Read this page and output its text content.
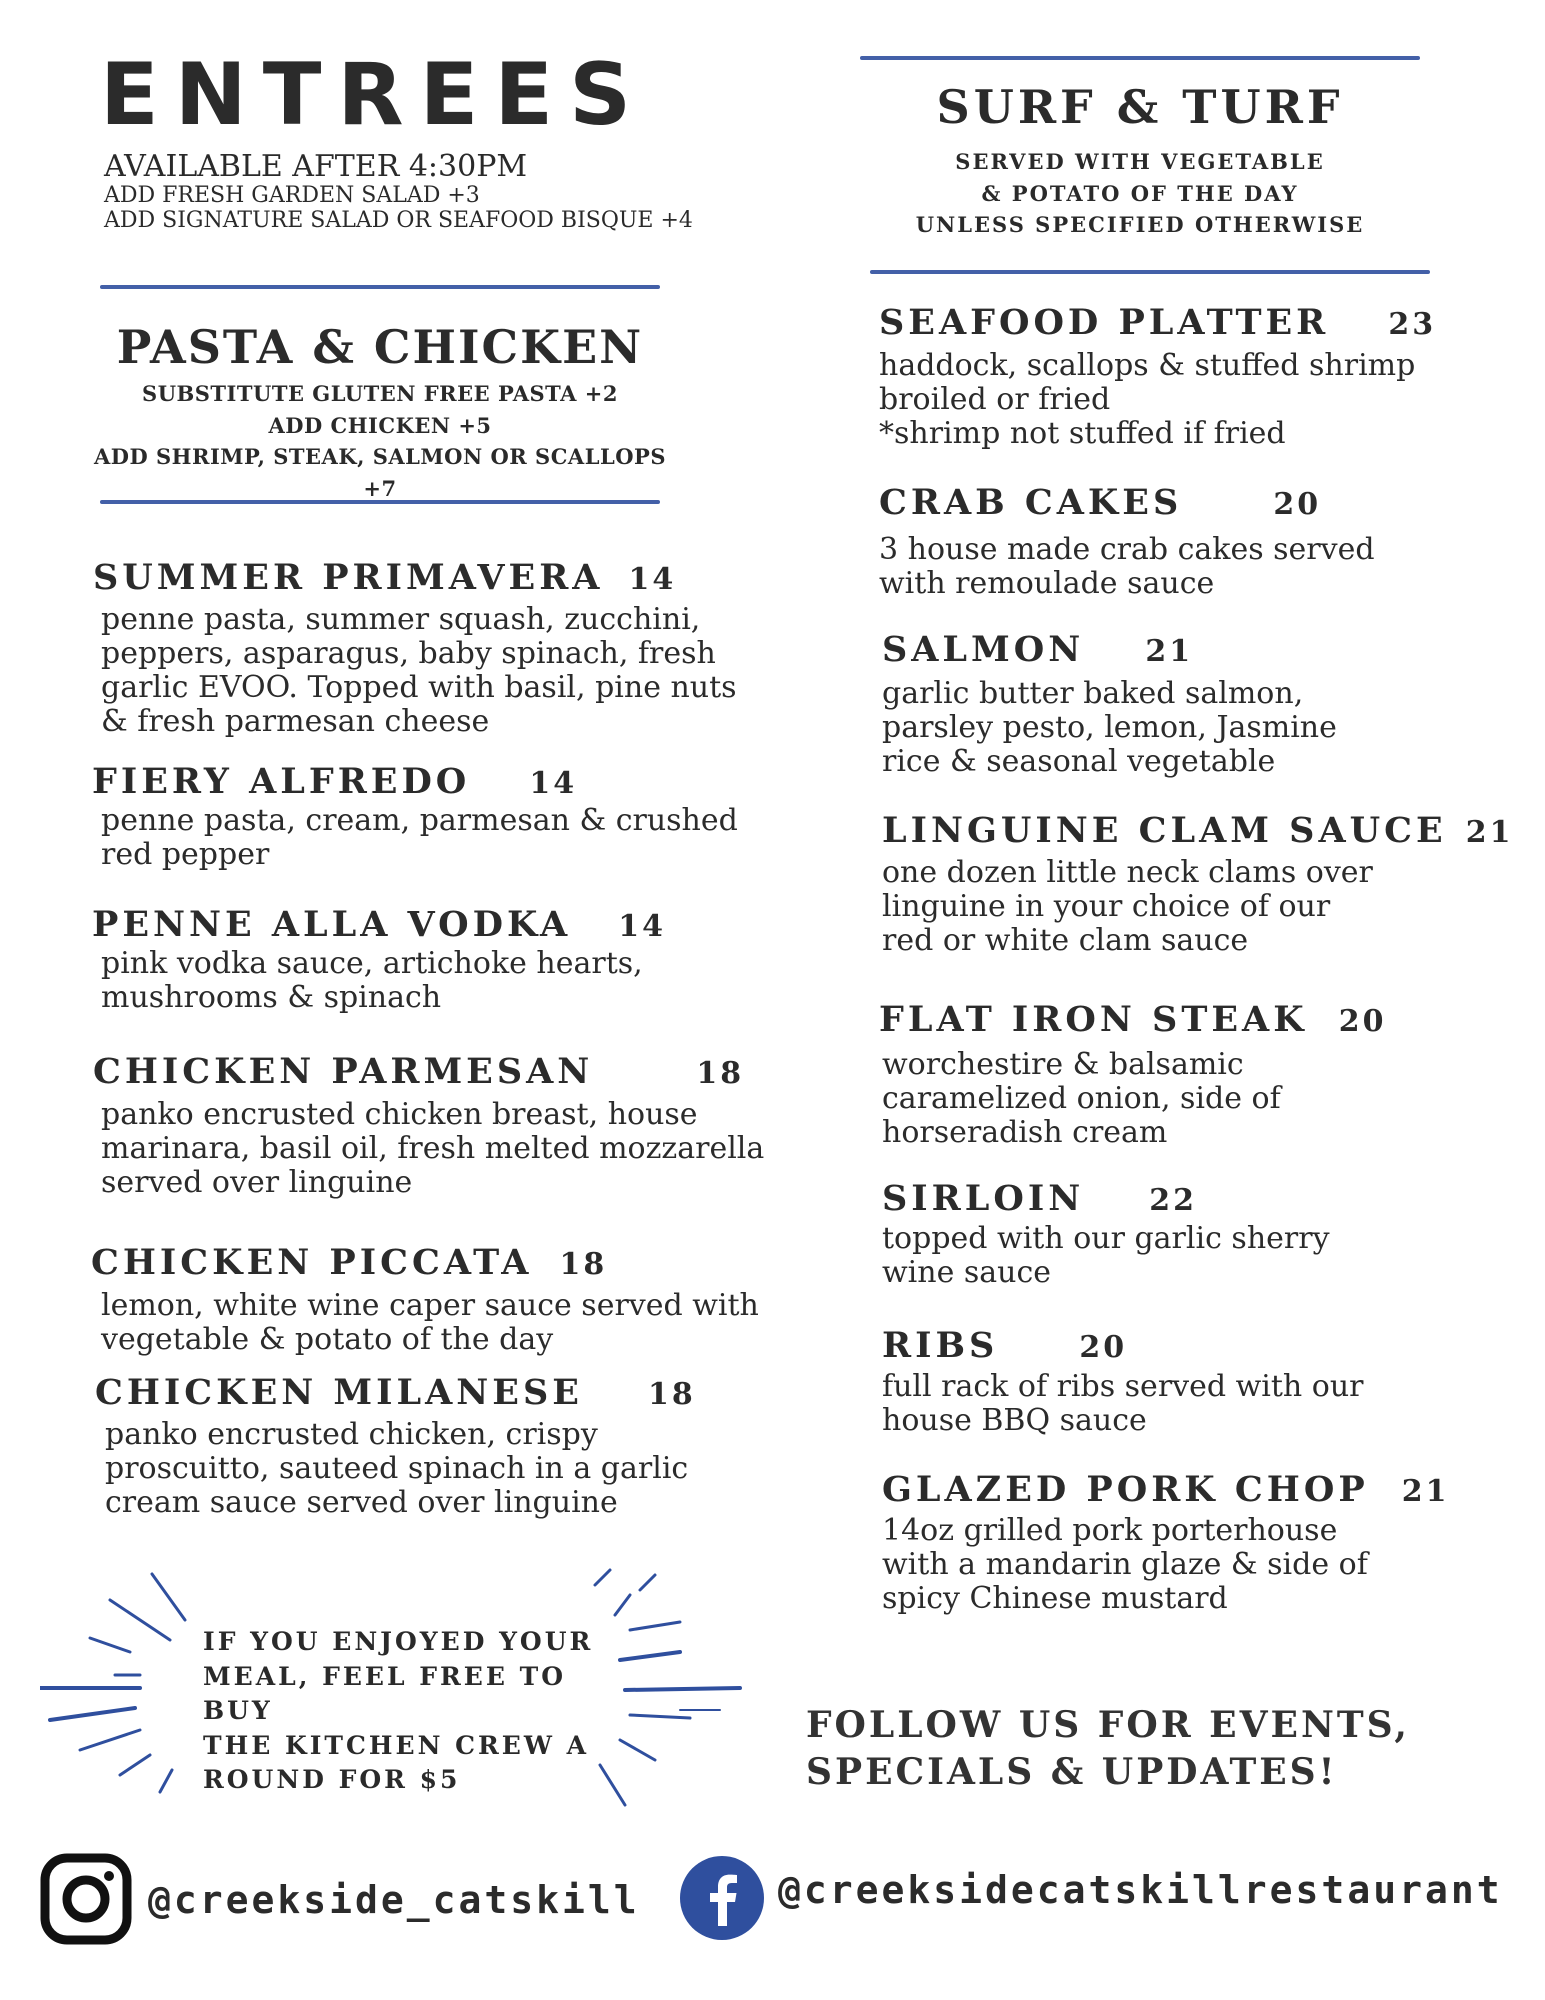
ENTREES
AVAILABLE AFTER 4:30PM
ADD FRESH GARDEN SALAD +3
ADD SIGNATURE SALAD OR SEAFOOD BISQUE +4
PASTA & CHICKEN
SUBSTITUTE GLUTEN FREE PASTA +2
ADD CHICKEN +5
ADD SHRIMP, STEAK, SALMON OR SCALLOPS +7
SUMMER PRIMAVERA 14
penne pasta, summer squash, zucchini,
peppers, asparagus, baby spinach, fresh
garlic EVOO. Topped with basil, pine nuts
& fresh parmesan cheese
FIERY ALFREDO 14
penne pasta, cream, parmesan & crushed
red pepper
PENNE ALLA VODKA 14
pink vodka sauce, artichoke hearts,
mushrooms & spinach
CHICKEN PARMESAN	18
panko encrusted chicken breast, house
marinara, basil oil, fresh melted mozzarella
served over linguine
CHICKEN PICCATA 18
lemon, white wine caper sauce served with
vegetable & potato of the day
CHICKEN MILANESE 18
panko encrusted chicken, crispy
proscuitto, sauteed spinach in a garlic
cream sauce served over linguine
IF YOU ENJOYED YOUR
MEAL, FEEL FREE TO BUY
THE KITCHEN CREW A
ROUND FOR $5
SURF & TURF
SERVED WITH VEGETABLE
& POTATO OF THE DAY
UNLESS SPECIFIED OTHERWISE
SEAFOOD PLATTER 23
haddock, scallops & stuffed shrimp
broiled or fried
*shrimp not stuffed if fried
CRAB CAKES	20
3 house made crab cakes served
with remoulade sauce
SALMON 21
garlic butter baked salmon,
parsley pesto, lemon, Jasmine
rice & seasonal vegetable
LINGUINE CLAM SAUCE 21
one dozen little neck clams over
linguine in your choice of our
red or white clam sauce
FLAT IRON STEAK 20
worchestire & balsamic
caramelized onion, side of
horseradish cream
SIRLOIN 22
topped with our garlic sherry
wine sauce
RIBS	20
full rack of ribs served with our
house BBQ sauce
GLAZED PORK CHOP 21
14oz grilled pork porterhouse
with a mandarin glaze & side of
spicy Chinese mustard
FOLLOW US FOR EVENTS,
SPECIALS & UPDATES!
@creekside_catskill	@creeksidecatskillrestaurant
